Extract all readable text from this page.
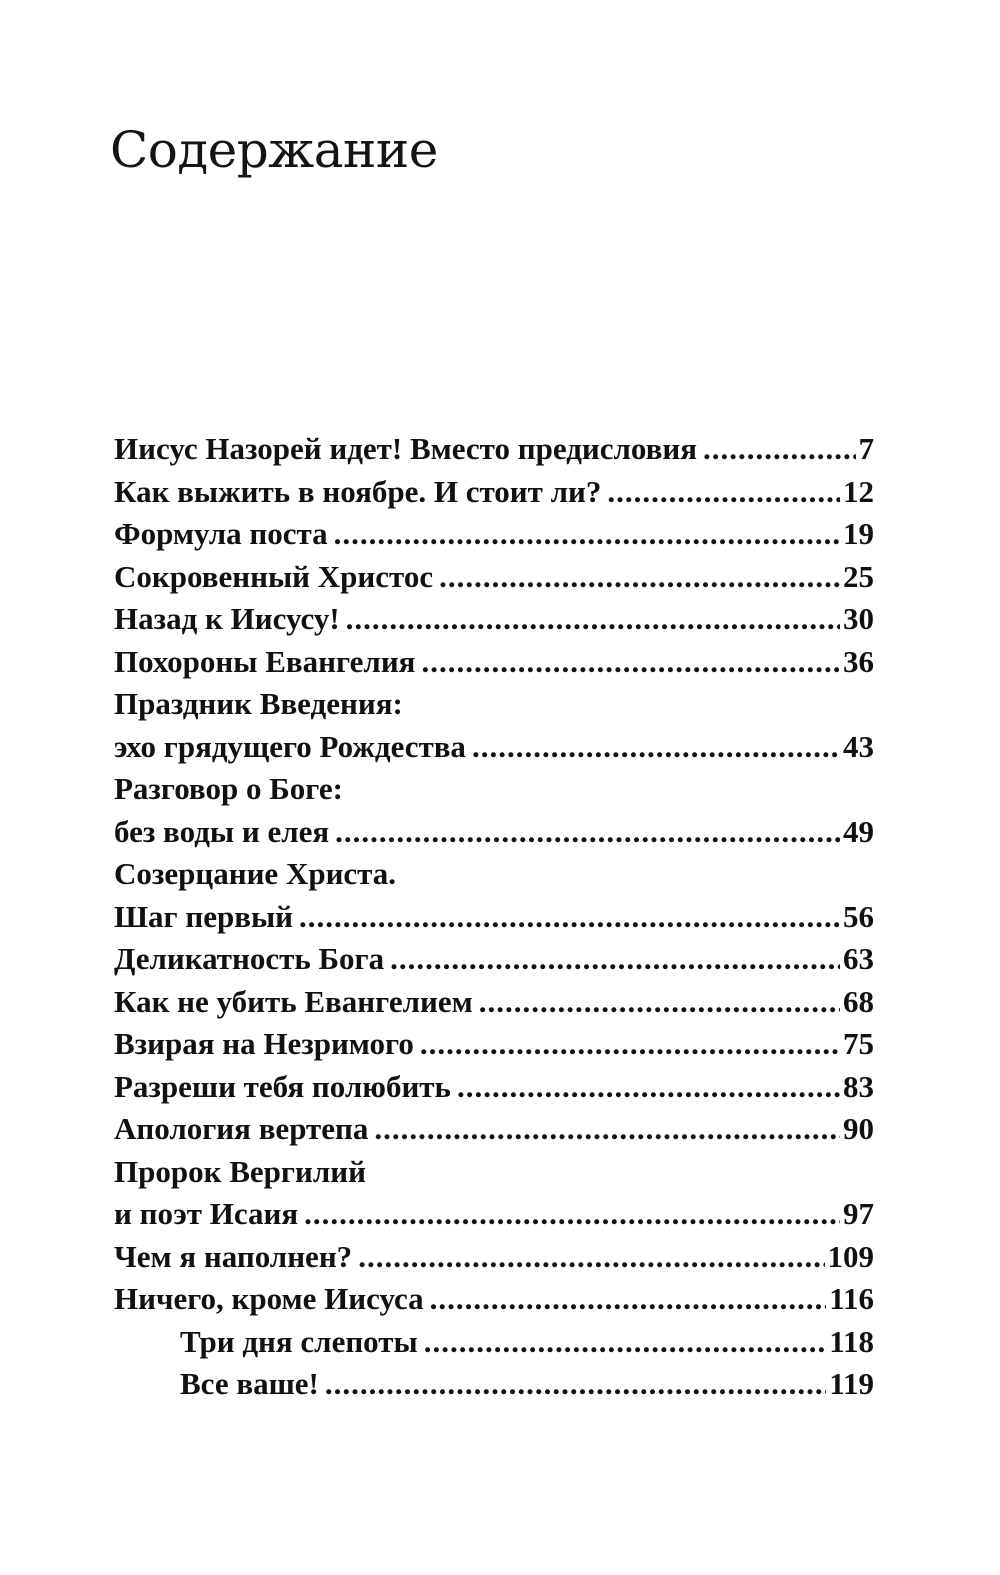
Содержание
Иисус Назорей идет! Вместо предисловия .....	7
Как выжить в ноябре. И стоит ли? .....	12
Формула поста .....	19
Сокровенный Христос .....	25
Назад к Иисусу! .....	30
Похороны Евангелия .....	36
Праздник Введения:
эхо грядущего Рождества .....	43
Разговор о Боге:
без воды и елея .....	49
Созерцание Христа.
Шаг первый .....	56
Деликатность Бога .....	63
Как не убить Евангелием .....	68
Взирая на Незримого .....	75
Разреши тебя полюбить .....	83
Апология вертепа .....	90
Пророк Вергилий
и поэт Исаия .....	97
Чем я наполнен? .....	109
Ничего, кроме Иисуса .....	116
Три дня слепоты .....	118
Все ваше! .....	119
